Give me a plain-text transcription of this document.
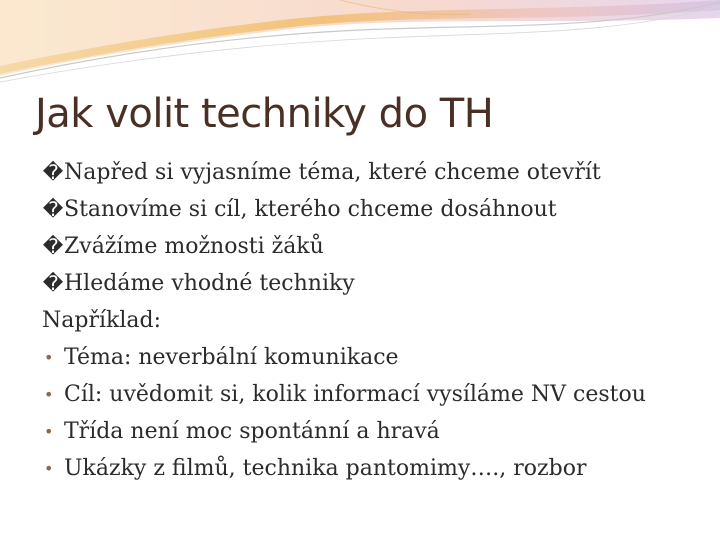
Jak volit techniky do TH
�Napřed si vyjasníme téma, které chceme otevřít
�Stanovíme si cíl, kterého chceme dosáhnout
�Zvážíme možnosti žáků
�Hledáme vhodné techniky
Například:
• Téma: neverbální komunikace
• Cíl: uvědomit si, kolik informací vysíláme NV cestou
• Třída není moc spontánní a hravá
• Ukázky z filmů, technika pantomimy…., rozbor
